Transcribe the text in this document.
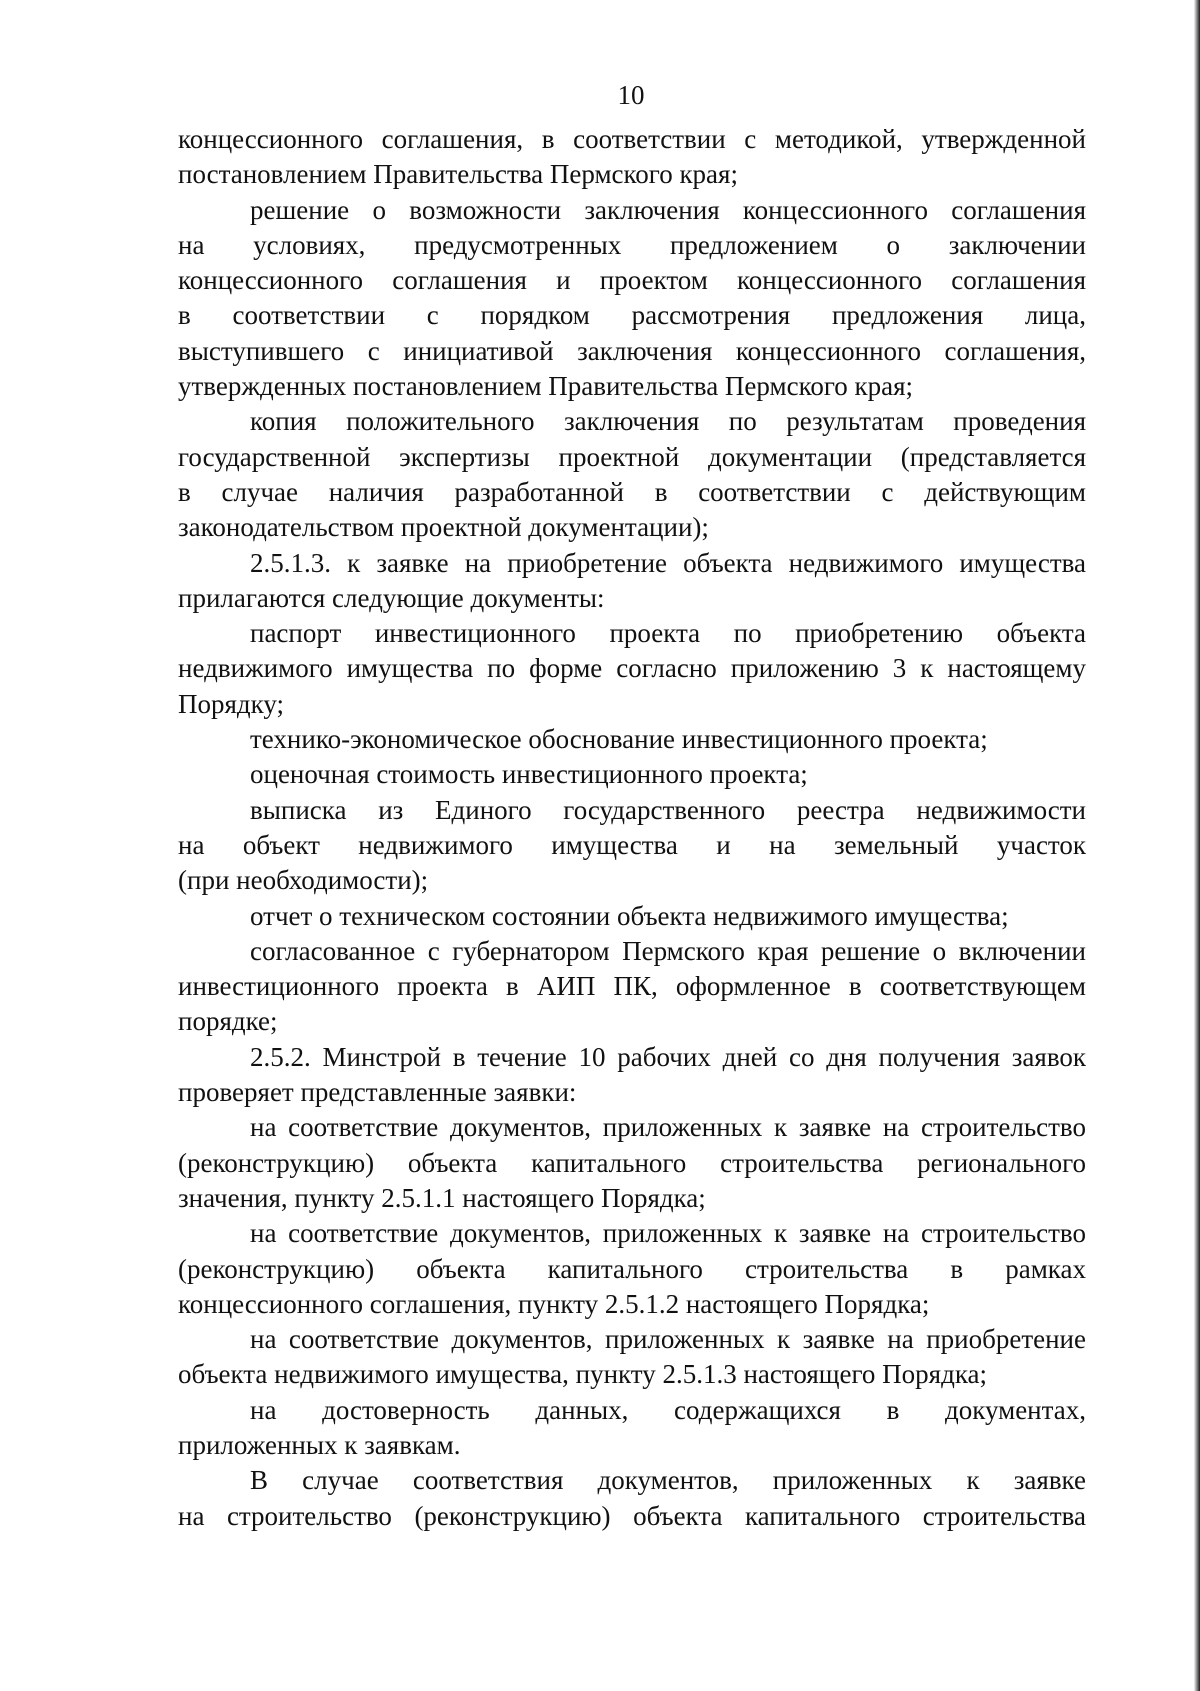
10
концессионного соглашения, в соответствии с методикой, утвержденной
постановлением Правительства Пермского края;
решение о возможности заключения концессионного соглашения
на условиях, предусмотренных предложением о заключении
концессионного соглашения и проектом концессионного соглашения
в соответствии с порядком рассмотрения предложения лица,
выступившего с инициативой заключения концессионного соглашения,
утвержденных постановлением Правительства Пермского края;
копия положительного заключения по результатам проведения
государственной экспертизы проектной документации (представляется
в случае наличия разработанной в соответствии с действующим
законодательством проектной документации);
2.5.1.3. к заявке на приобретение объекта недвижимого имущества
прилагаются следующие документы:
паспорт инвестиционного проекта по приобретению объекта
недвижимого имущества по форме согласно приложению 3 к настоящему
Порядку;
технико-экономическое обоснование инвестиционного проекта;
оценочная стоимость инвестиционного проекта;
выписка из Единого государственного реестра недвижимости
на объект недвижимого имущества и на земельный участок
(при необходимости);
отчет о техническом состоянии объекта недвижимого имущества;
согласованное с губернатором Пермского края решение о включении
инвестиционного проекта в АИП ПК, оформленное в соответствующем
порядке;
2.5.2. Минстрой в течение 10 рабочих дней со дня получения заявок
проверяет представленные заявки:
на соответствие документов, приложенных к заявке на строительство
(реконструкцию) объекта капитального строительства регионального
значения, пункту 2.5.1.1 настоящего Порядка;
на соответствие документов, приложенных к заявке на строительство
(реконструкцию) объекта капитального строительства в рамках
концессионного соглашения, пункту 2.5.1.2 настоящего Порядка;
на соответствие документов, приложенных к заявке на приобретение
объекта недвижимого имущества, пункту 2.5.1.3 настоящего Порядка;
на достоверность данных, содержащихся в документах,
приложенных к заявкам.
В случае соответствия документов, приложенных к заявке
на строительство (реконструкцию) объекта капитального строительства
